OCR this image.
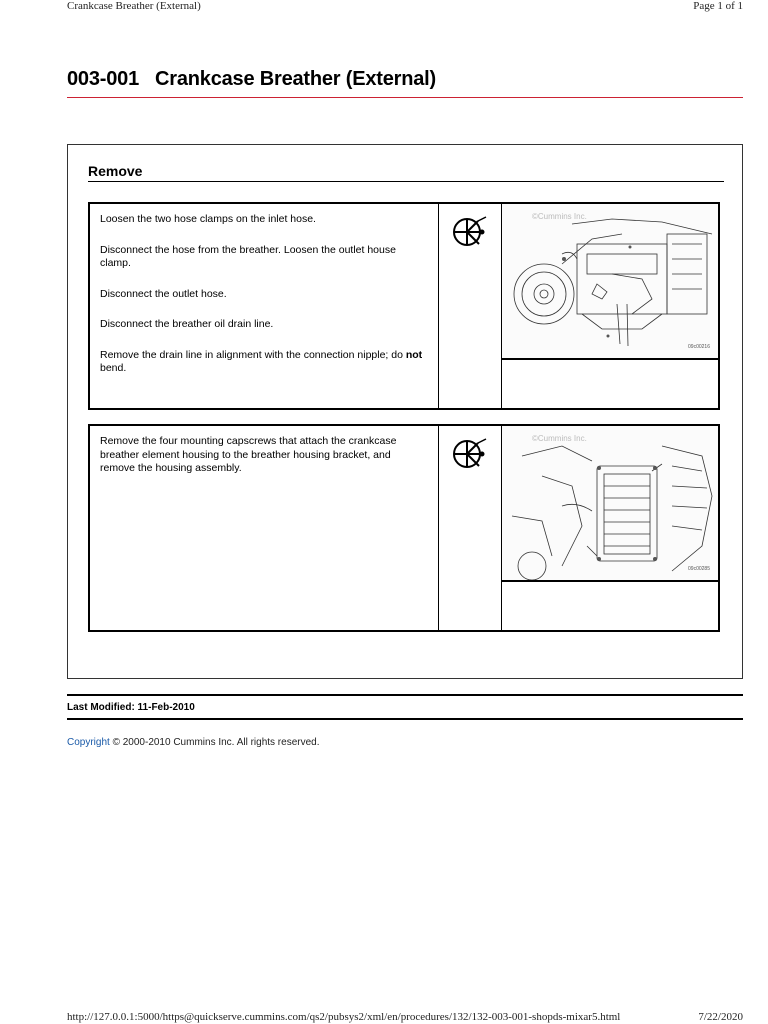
Crankcase Breather (External)	Page 1 of 1
003-001 Crankcase Breather (External)
Remove

Loosen the two hose clamps on the inlet hose.

Disconnect the hose from the breather. Loosen the outlet house clamp.

Disconnect the outlet hose.

Disconnect the breather oil drain line.

Remove the drain line in alignment with the connection nipple; do not bend.

©Cummins Inc.
09c00216

Remove the four mounting capscrews that attach the crankcase breather element housing to the breather housing bracket, and remove the housing assembly.

©Cummins Inc.
09c00285
Last Modified: 11-Feb-2010
Copyright © 2000-2010 Cummins Inc. All rights reserved.
http://127.0.0.1:5000/https@quickserve.cummins.com/qs2/pubsys2/xml/en/procedures/132/132-003-001-shopds-mixar5.html	7/22/2020
